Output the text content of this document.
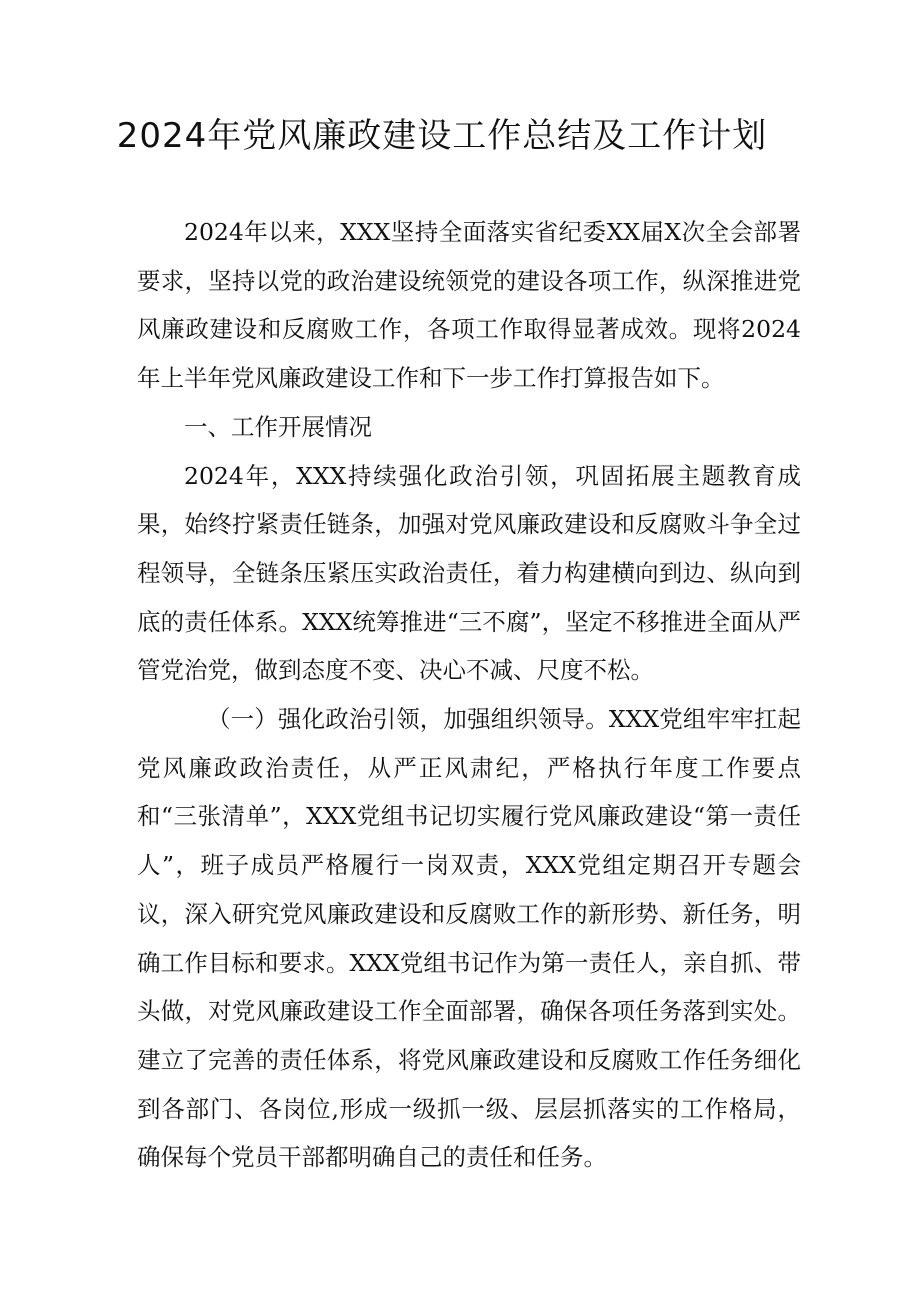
2024年党风廉政建设工作总结及工作计划

2024年以来，XXX坚持全面落实省纪委XX届X次全会部署要求，坚持以党的政治建设统领党的建设各项工作，纵深推进党风廉政建设和反腐败工作，各项工作取得显著成效。现将2024年上半年党风廉政建设工作和下一步工作打算报告如下。

一、工作开展情况

2024年，XXX持续强化政治引领，巩固拓展主题教育成果，始终拧紧责任链条，加强对党风廉政建设和反腐败斗争全过程领导，全链条压紧压实政治责任，着力构建横向到边、纵向到底的责任体系。XXX统筹推进“三不腐”，坚定不移推进全面从严管党治党，做到态度不变、决心不减、尺度不松。

（一）强化政治引领，加强组织领导。XXX党组牢牢扛起党风廉政政治责任，从严正风肃纪，严格执行年度工作要点和“三张清单”，XXX党组书记切实履行党风廉政建设“第一责任人”，班子成员严格履行一岗双责，XXX党组定期召开专题会议，深入研究党风廉政建设和反腐败工作的新形势、新任务，明确工作目标和要求。XXX党组书记作为第一责任人，亲自抓、带头做，对党风廉政建设工作全面部署，确保各项任务落到实处。建立了完善的责任体系，将党风廉政建设和反腐败工作任务细化到各部门、各岗位,形成一级抓一级、层层抓落实的工作格局，确保每个党员干部都明确自己的责任和任务。
